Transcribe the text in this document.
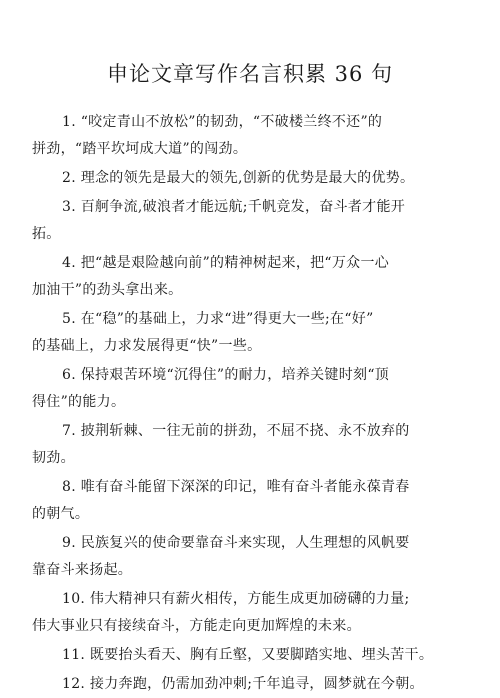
申论文章写作名言积累 36 句
1. “咬定青山不放松”的韧劲，“不破楼兰终不还”的
拼劲，“踏平坎坷成大道”的闯劲。
2. 理念的领先是最大的领先,创新的优势是最大的优势。
3. 百舸争流,破浪者才能远航;千帆竞发，奋斗者才能开
拓。
4. 把“越是艰险越向前”的精神树起来，把“万众一心
加油干”的劲头拿出来。
5. 在“稳”的基础上，力求“进”得更大一些;在“好”
的基础上，力求发展得更“快”一些。
6. 保持艰苦环境“沉得住”的耐力，培养关键时刻“顶
得住”的能力。
7. 披荆斩棘、一往无前的拼劲，不屈不挠、永不放弃的
韧劲。
8. 唯有奋斗能留下深深的印记，唯有奋斗者能永葆青春
的朝气。
9. 民族复兴的使命要靠奋斗来实现，人生理想的风帆要
靠奋斗来扬起。
10. 伟大精神只有薪火相传，方能生成更加磅礴的力量;
伟大事业只有接续奋斗，方能走向更加辉煌的未来。
11. 既要抬头看天、胸有丘壑，又要脚踏实地、埋头苦干。
12. 接力奔跑，仍需加劲冲刺;千年追寻，圆梦就在今朝。
